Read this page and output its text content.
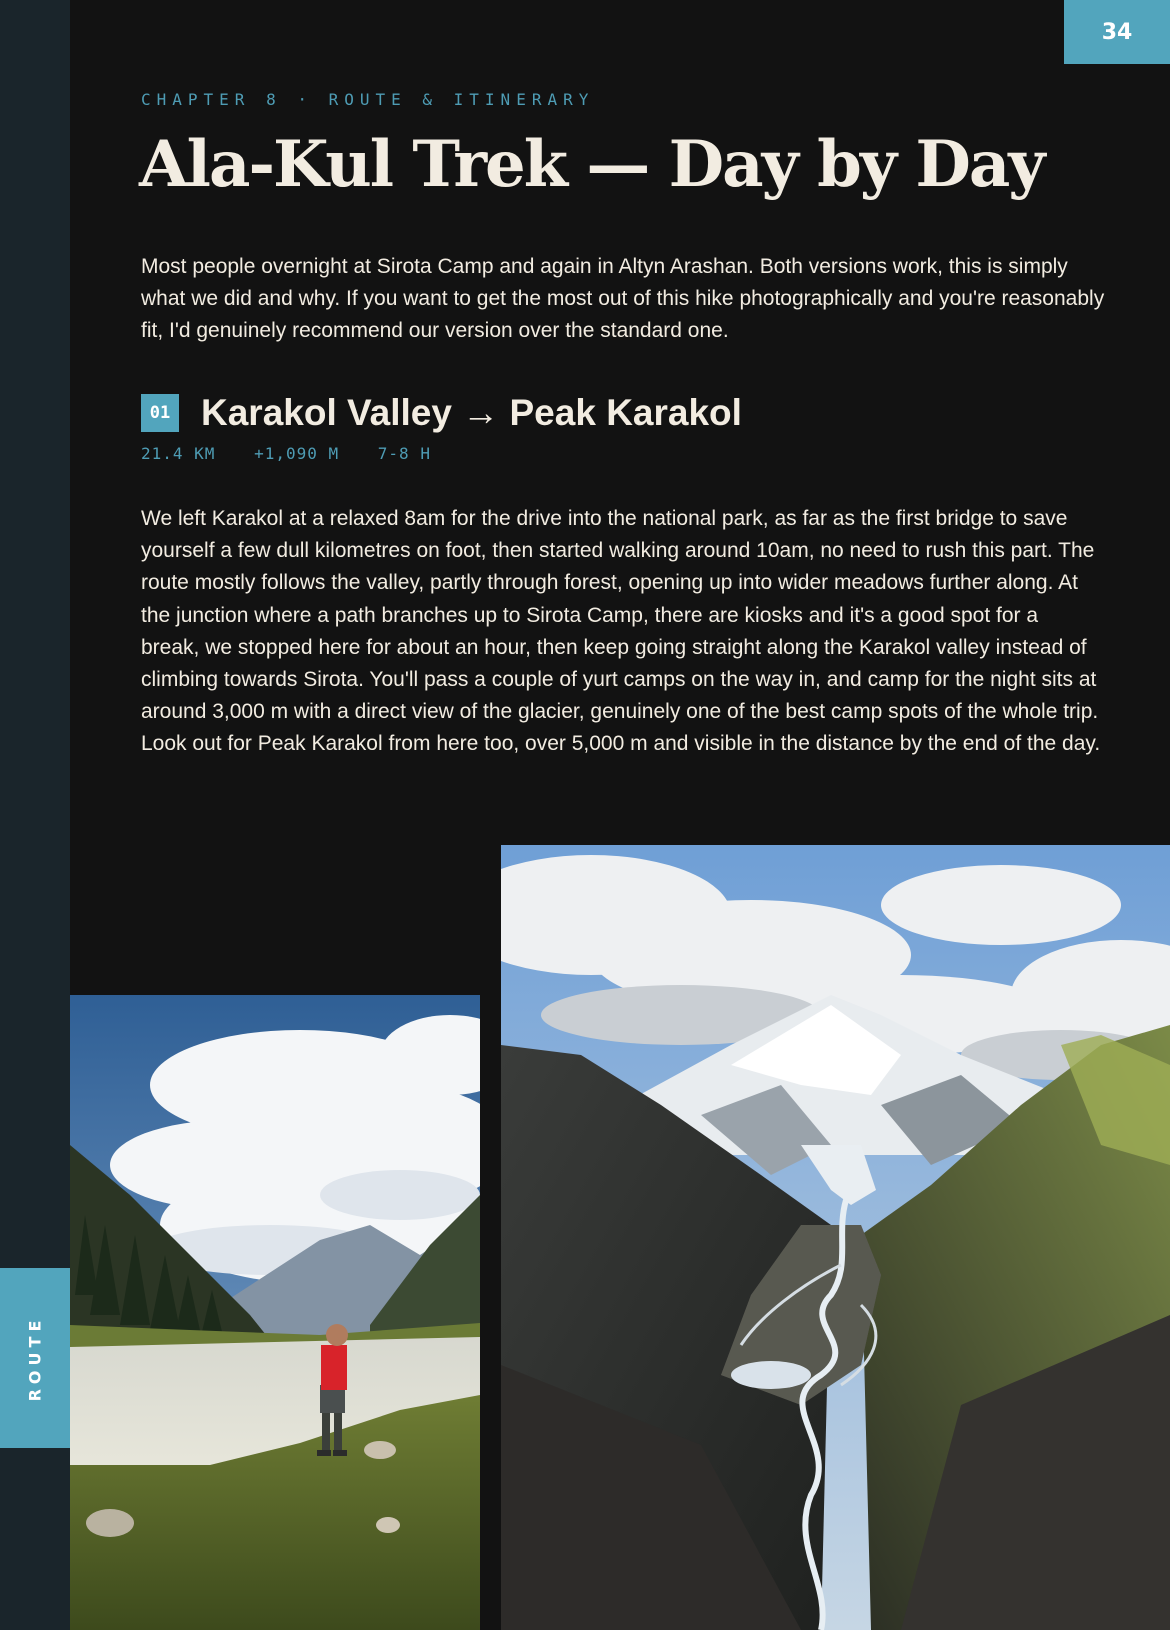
ROUTE
34
CHAPTER 8 · ROUTE & ITINERARY
Ala-Kul Trek — Day by Day

Most people overnight at Sirota Camp and again in Altyn Arashan. Both versions work, this is simply what we did and why. If you want to get the most out of this hike photographically and you're reasonably fit, I'd genuinely recommend our version over the standard one.

01 Karakol Valley → Peak Karakol
21.4 KM +1,090 M 7-8 H

We left Karakol at a relaxed 8am for the drive into the national park, as far as the first bridge to save yourself a few dull kilometres on foot, then started walking around 10am, no need to rush this part. The route mostly follows the valley, partly through forest, opening up into wider meadows further along. At the junction where a path branches up to Sirota Camp, there are kiosks and it's a good spot for a break, we stopped here for about an hour, then keep going straight along the Karakol valley instead of climbing towards Sirota. You'll pass a couple of yurt camps on the way in, and camp for the night sits at around 3,000 m with a direct view of the glacier, genuinely one of the best camp spots of the whole trip. Look out for Peak Karakol from here too, over 5,000 m and visible in the distance by the end of the day.
